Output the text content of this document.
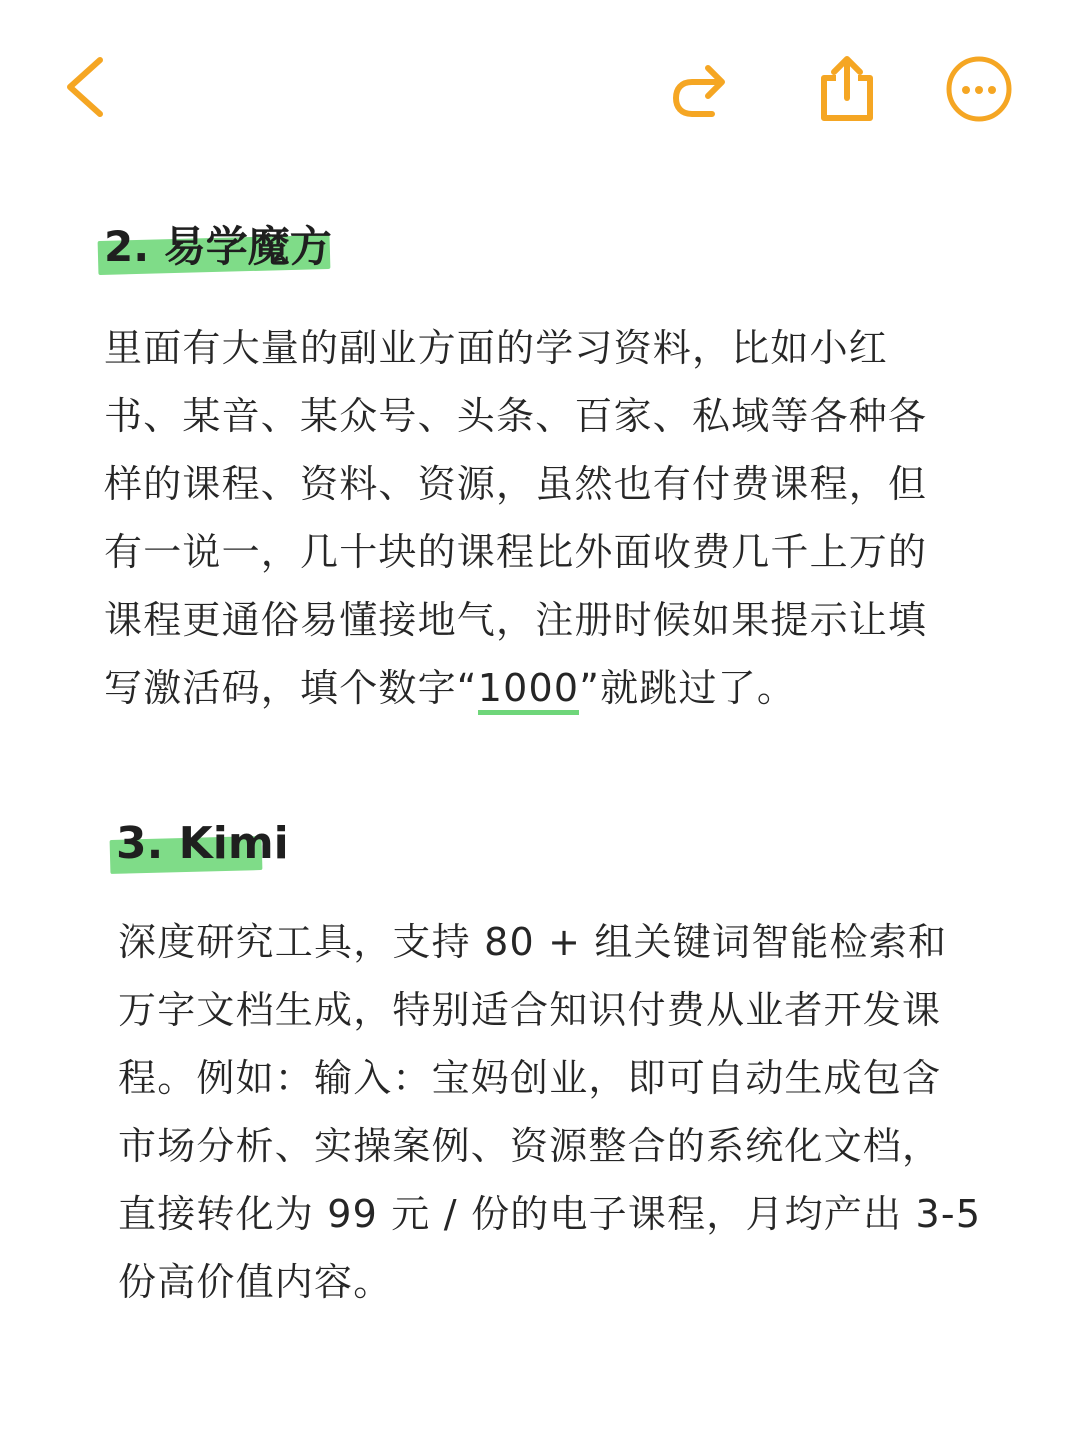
2. 易学魔方
里面有大量的副业方面的学习资料，比如小红
书、某音、某众号、头条、百家、私域等各种各
样的课程、资料、资源，虽然也有付费课程，但
有一说一，几十块的课程比外面收费几千上万的
课程更通俗易懂接地气，注册时候如果提示让填
写激活码，填个数字“1000”就跳过了。
3. Kimi
深度研究工具，支持 80 + 组关键词智能检索和
万字文档生成，特别适合知识付费从业者开发课
程。例如：输入：宝妈创业，即可自动生成包含
市场分析、实操案例、资源整合的系统化文档，
直接转化为 99 元 / 份的电子课程，月均产出 3-5
份高价值内容。
